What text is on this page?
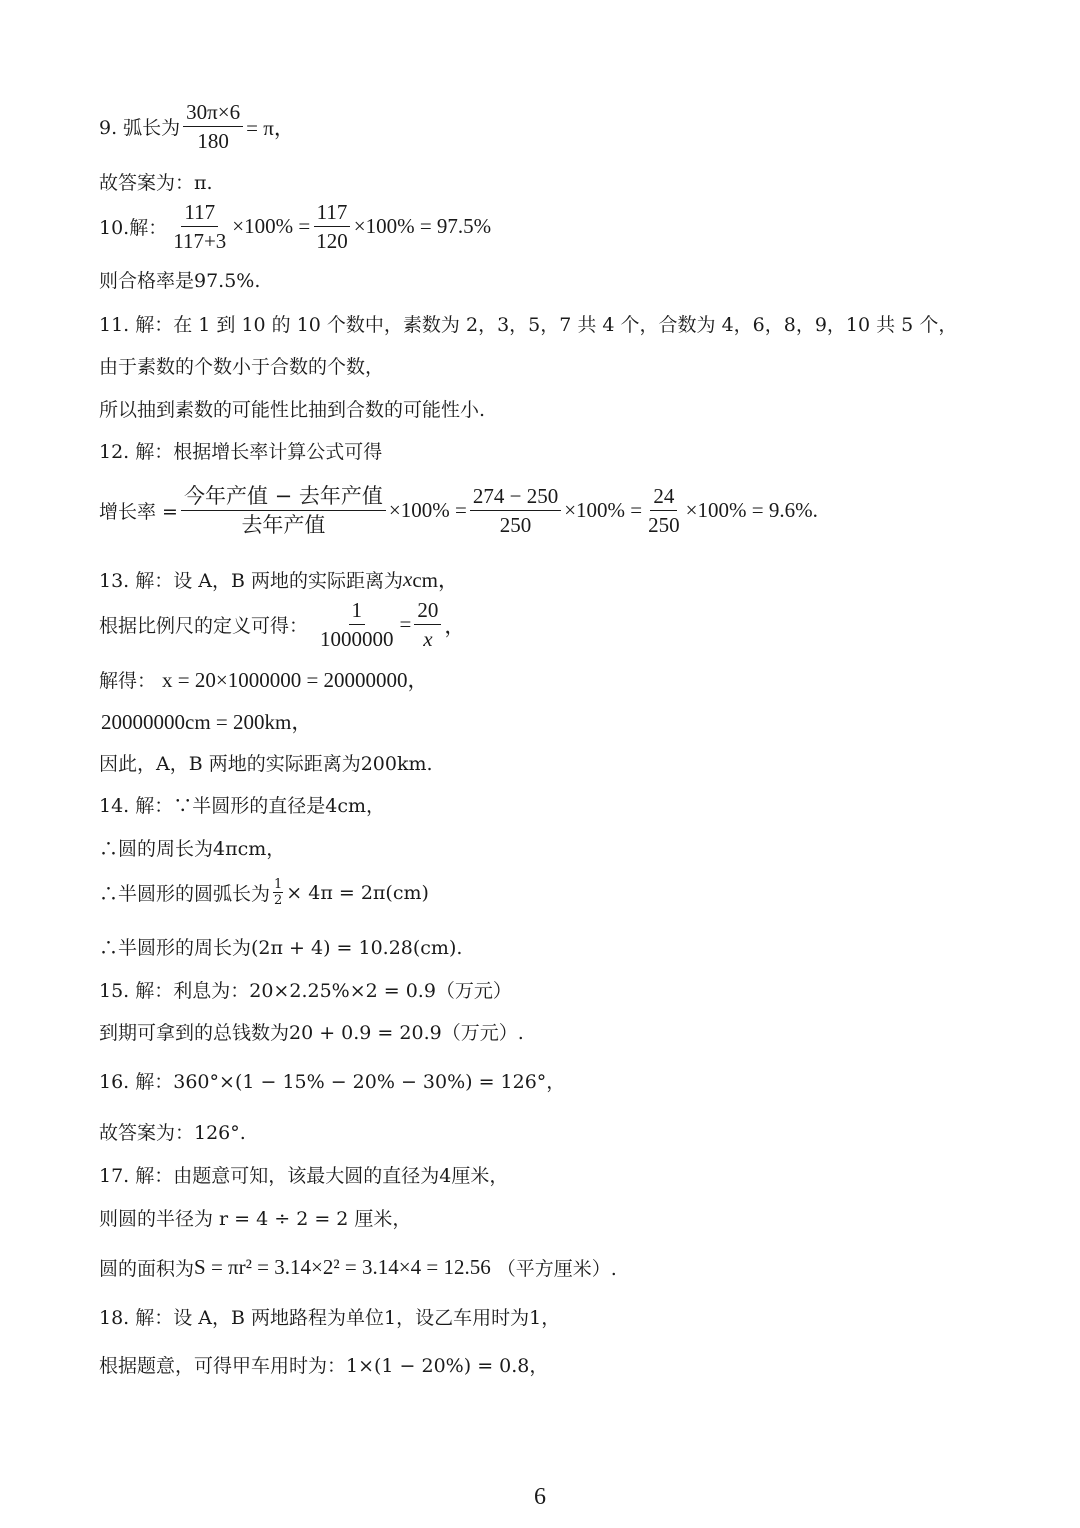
9. 弧长为 $\frac{30\pi\times 6}{180} = \pi$，
故答案为：π.
10.解： $\frac{117}{117+3} \times 100\% = \frac{117}{120} \times 100\% = 97.5\%$
则合格率是97.5%.
11. 解：在 1 到 10 的 10 个数中，素数为 2，3，5，7 共 4 个，合数为 4，6，8，9，10 共 5 个，
由于素数的个数小于合数的个数，
所以抽到素数的可能性比抽到合数的可能性小.
12. 解：根据增长率计算公式可得
增长率 = $\frac{\text{今年产值 − 去年产值}}{\text{去年产值}} \times 100\% = \frac{274 - 250}{250} \times 100\% = \frac{24}{250} \times 100\% = 9.6\%$.
13. 解：设 A，B 两地的实际距离为 x cm，
根据比例尺的定义可得： $\frac{1}{1000000} = \frac{20}{x}$ ，
解得： x = 20×1000000 = 20000000，
20000000cm = 200km，
因此，A，B 两地的实际距离为200km.
14. 解：∵半圆形的直径是4cm，
∴圆的周长为4πcm，
∴半圆形的圆弧长为 $\frac{1}{2} \times 4\pi = 2\pi(cm)$
∴半圆形的周长为(2π + 4) = 10.28(cm).
15. 解：利息为：20×2.25%×2 = 0.9（万元）
到期可拿到的总钱数为20 + 0.9 = 20.9（万元）.
16. 解：360°×(1 − 15% − 20% − 30%) = 126°，
故答案为：126°.
17. 解：由题意可知，该最大圆的直径为4厘米，
则圆的半径为 r = 4 ÷ 2 = 2 厘米，
圆的面积为 S = πr² = 3.14×2² = 3.14×4 = 12.56 （平方厘米）.
18. 解：设 A，B 两地路程为单位1，设乙车用时为1，
根据题意，可得甲车用时为：1×(1 − 20%) = 0.8，
6
